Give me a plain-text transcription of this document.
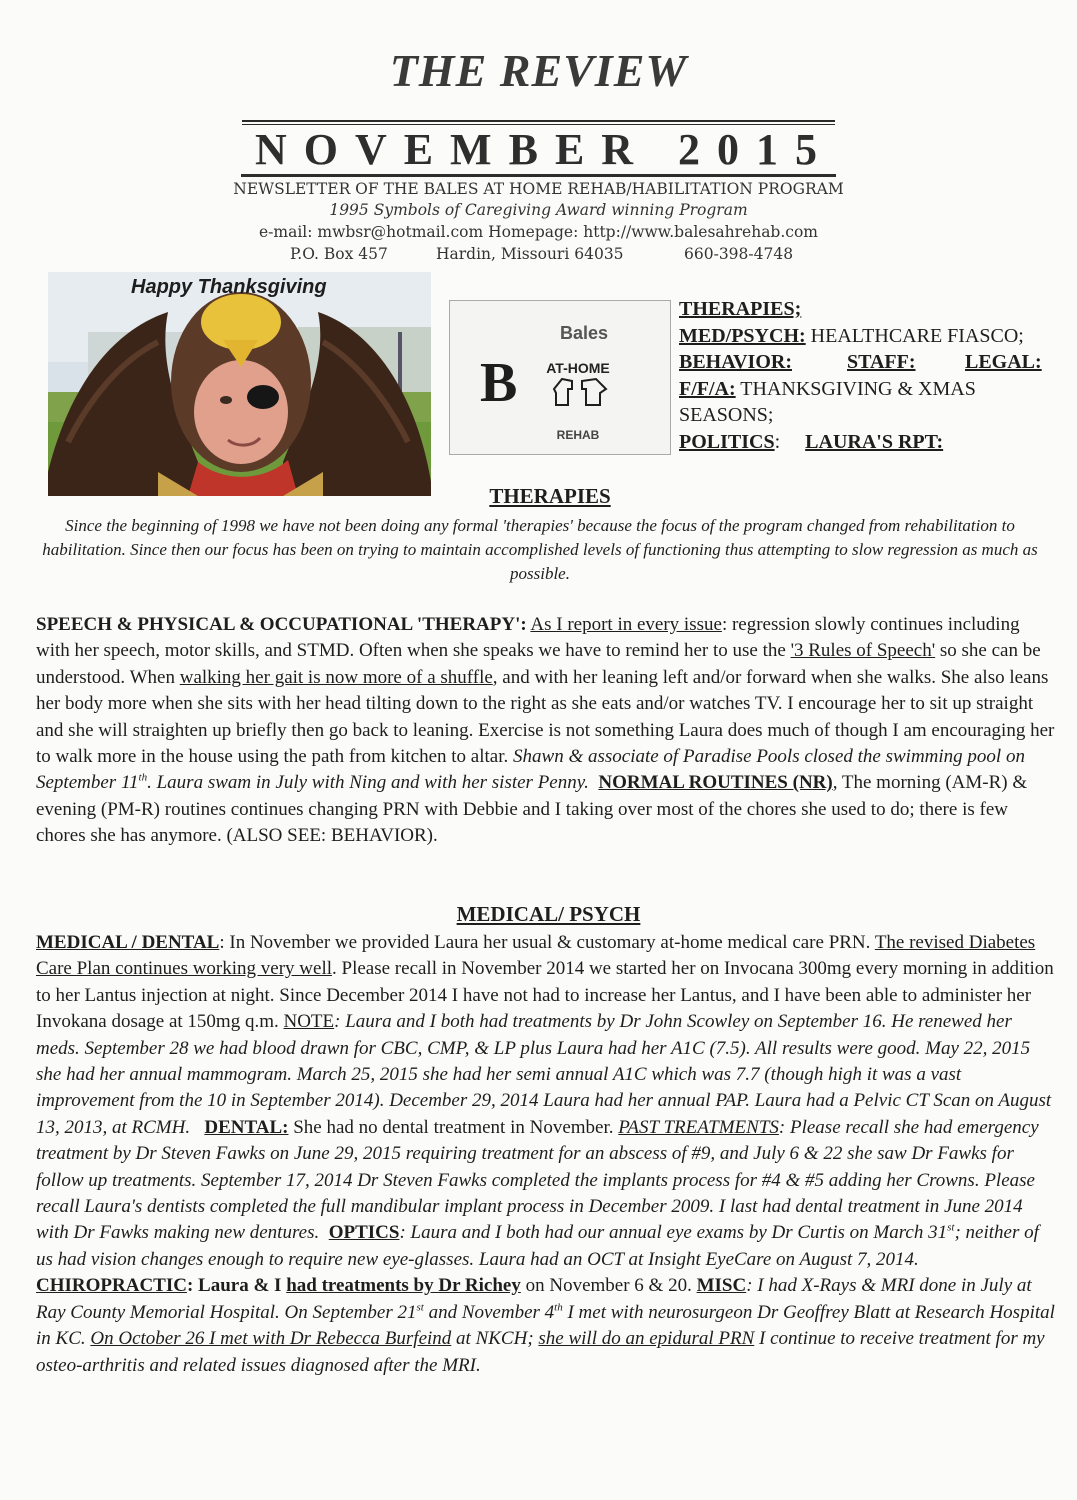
THE REVIEW
NOVEMBER 2015
NEWSLETTER OF THE BALES AT HOME REHAB/HABILITATION PROGRAM
1995 Symbols of Caregiving Award winning Program
e-mail: mwbsr@hotmail.com Homepage: http://www.balesahrehab.com
P.O. Box 457	Hardin, Missouri 64035	660-398-4748
Happy Thanksgiving
Bales
B AT-HOME
REHAB
THERAPIES;
MED/PSYCH: HEALTHCARE FIASCO;
BEHAVIOR:	STAFF: LEGAL:
F/F/A: THANKSGIVING & XMAS
SEASONS;
POLITICS: LAURA'S RPT:
THERAPIES
Since the beginning of 1998 we have not been doing any formal 'therapies' because the focus of the program changed from rehabilitation to habilitation. Since then our focus has been on trying to maintain accomplished levels of functioning thus attempting to slow regression as much as possible.
SPEECH & PHYSICAL & OCCUPATIONAL 'THERAPY': As I report in every issue: regression slowly continues including with her speech, motor skills, and STMD. Often when she speaks we have to remind her to use the '3 Rules of Speech' so she can be understood. When walking her gait is now more of a shuffle, and with her leaning left and/or forward when she walks. She also leans her body more when she sits with her head tilting down to the right as she eats and/or watches TV. I encourage her to sit up straight and she will straighten up briefly then go back to leaning. Exercise is not something Laura does much of though I am encouraging her to walk more in the house using the path from kitchen to altar. Shawn & associate of Paradise Pools closed the swimming pool on September 11th. Laura swam in July with Ning and with her sister Penny. NORMAL ROUTINES (NR), The morning (AM-R) & evening (PM-R) routines continues changing PRN with Debbie and I taking over most of the chores she used to do; there is few chores she has anymore. (ALSO SEE: BEHAVIOR).
MEDICAL/ PSYCH
MEDICAL / DENTAL: In November we provided Laura her usual & customary at-home medical care PRN. The revised Diabetes Care Plan continues working very well. Please recall in November 2014 we started her on Invocana 300mg every morning in addition to her Lantus injection at night. Since December 2014 I have not had to increase her Lantus, and I have been able to administer her Invokana dosage at 150mg q.m. NOTE: Laura and I both had treatments by Dr John Scowley on September 16. He renewed her meds. September 28 we had blood drawn for CBC, CMP, & LP plus Laura had her A1C (7.5). All results were good. May 22, 2015 she had her annual mammogram. March 25, 2015 she had her semi annual A1C which was 7.7 (though high it was a vast improvement from the 10 in September 2014). December 29, 2014 Laura had her annual PAP. Laura had a Pelvic CT Scan on August 13, 2013, at RCMH. DENTAL: She had no dental treatment in November. PAST TREATMENTS: Please recall she had emergency treatment by Dr Steven Fawks on June 29, 2015 requiring treatment for an abscess of #9, and July 6 & 22 she saw Dr Fawks for follow up treatments. September 17, 2014 Dr Steven Fawks completed the implants process for #4 & #5 adding her Crowns. Please recall Laura's dentists completed the full mandibular implant process in December 2009. I last had dental treatment in June 2014 with Dr Fawks making new dentures. OPTICS: Laura and I both had our annual eye exams by Dr Curtis on March 31st; neither of us had vision changes enough to require new eye-glasses. Laura had an OCT at Insight EyeCare on August 7, 2014.  CHIROPRACTIC: Laura & I had treatments by Dr Richey on November 6 & 20. MISC: I had X-Rays & MRI done in July at Ray County Memorial Hospital. On September 21st and November 4th I met with neurosurgeon Dr Geoffrey Blatt at Research Hospital in KC. On October 26 I met with Dr Rebecca Burfeind at NKCH; she will do an epidural PRN I continue to receive treatment for my osteo-arthritis and related issues diagnosed after the MRI.
